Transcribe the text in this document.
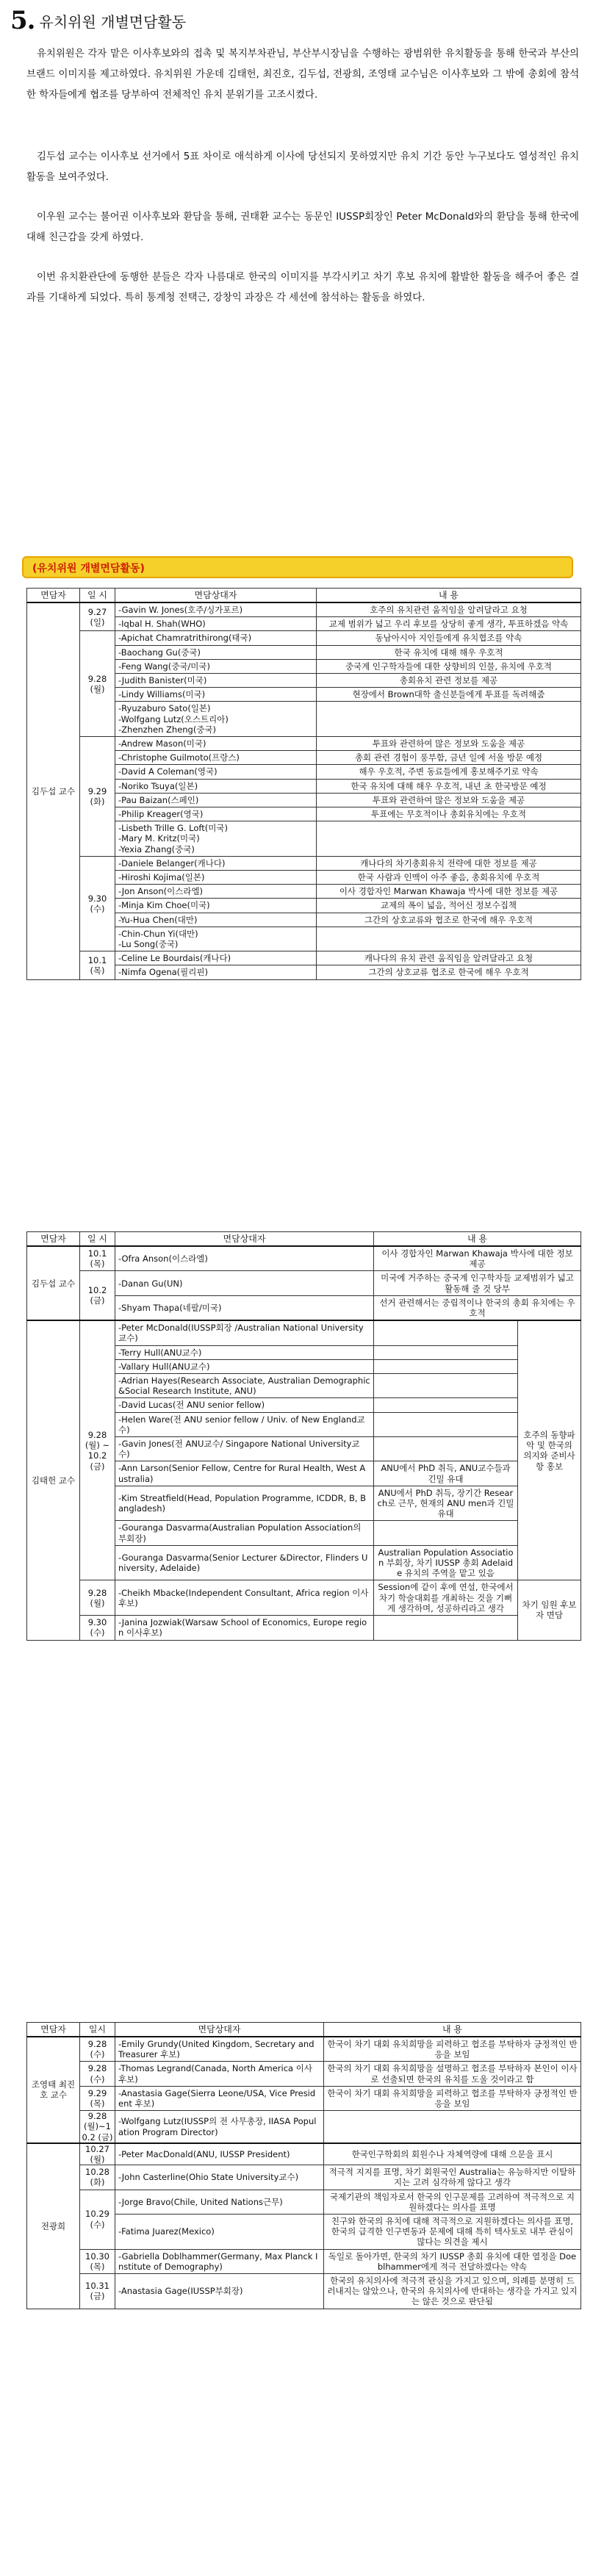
5. 유치위원 개별면담활동

유치위원은 각자 맡은 이사후보와의 접촉 및 복지부차관님, 부산부시장님을 수행하는 광범위한 유치활동을 통해 한국과 부산의 브랜드 이미지를 제고하였다. 유치위원 가운데 김태헌, 최진호, 김두섭, 전광희, 조영태 교수님은 이사후보와 그 밖에 총회에 참석한 학자들에게 협조를 당부하여 전체적인 유치 분위기를 고조시켰다.

김두섭 교수는 이사후보 선거에서 5표 차이로 애석하게 이사에 당선되지 못하였지만 유치 기간 동안 누구보다도 열성적인 유치활동을 보여주었다.

이우원 교수는 불어권 이사후보와 환담을 통해, 권태환 교수는 동문인 IUSSP회장인 Peter McDonald와의 환담을 통해 한국에 대해 친근감을 갖게 하였다.

이번 유치환관단에 동행한 분들은 각자 나름대로 한국의 이미지를 부각시키고 차기 후보 유치에 활발한 활동을 해주어 좋은 결과를 기대하게 되었다. 특히 통계청 전택근, 강창익 과장은 각 세션에 참석하는 활동을 하였다.

(유치위원 개별면담활동)
면담자	일 시	면담상대자	내 용
김두섭 교수	9.27 (일)	-Gavin W. Jones(호주/싱가포르)	호주의 유치관련 움직임을 알려달라고 요청
		-Iqbal H. Shah(WHO)	교제 범위가 넓고 우리 후보를 상당히 좋게 생각, 투표하겠음 약속
	9.28 (월)	-Apichat Chamratrithirong(태국)	동남아시아 지인들에게 유치협조를 약속
		-Baochang Gu(중국)	한국 유치에 대해 해우 우호적
		-Feng Wang(중국/미국)	중국계 인구학자들에 대한 상향비의 인물, 유치에 우호적
		-Judith Banister(미국)	총회유치 관련 정보를 제공
		-Lindy Williams(미국)	현장에서 Brown대학 출신분들에게 투표를 독려해줌
		-Ryuzaburo Sato(일본)
-Wolfgang Lutz(오스트리아)
-Zhenzhen Zheng(중국)	
	9.29 (화)	-Andrew Mason(미국)	투표와 관련하여 많은 정보와 도움을 제공
		-Christophe Guilmoto(프랑스)	총회 관련 경험이 풍부함, 금년 일에 서울 방문 예정
		-David A Coleman(영국)	해우 우호적, 주변 동료들에게 홍보해주기로 약속
		-Noriko Tsuya(일본)	한국 유치에 대해 해우 우호적, 내년 초 한국방문 예정
		-Pau Baizan(스페인)	투표와 관련하여 많은 정보와 도움을 제공
		-Philip Kreager(영국)	투표에는 무호적이나 총회유치에는 우호적
		-Lisbeth Trille G. Loft(미국)
-Mary M. Kritz(미국)
-Yexia Zhang(중국)	
	9.30 (수)	-Daniele Belanger(캐나다)	캐나다의 차기총회유치 전략에 대한 정보를 제공
		-Hiroshi Kojima(일본)	한국 사람과 인맥이 아주 좋음, 총회유치에 우호적
		-Jon Anson(이스라엘)	이사 경합자인 Marwan Khawaja 박사에 대한 정보를 제공
		-Minja Kim Choe(미국)	교제의 폭이 넓음, 적어신 정보수집책
		-Yu-Hua Chen(대만)	그간의 상호교류와 협조로 한국에 해우 우호적
		-Chin-Chun Yi(대만)
-Lu Song(중국)	
	10.1 (목)	-Celine Le Bourdais(캐나다)	캐나다의 유치 관련 움직임을 알려달라고 요청
		-Nimfa Ogena(필리핀)	그간의 상호교류 협조로 한국에 해우 우호적
면담자	일 시	면담상대자	내 용	
김두섭 교수	10.1 (목)	-Ofra Anson(이스라엘)	이사 경합자인 Marwan Khawaja 박사에 대한 정보 제공	
	10.2 (금)	-Danan Gu(UN)	미국에 거주하는 중국계 인구학자들 교제범위가 넓고 활동해 줄 것 당부	
		-Shyam Thapa(네팔/미국)	선거 관련해서는 중립적이나 한국의 총회 유치에는 우호적	
김태헌 교수	9.28 (월) ~ 10.2 (금)	-Peter McDonald(IUSSP회장 /Australian National University교수)		호주의 동향파악 및 한국의 의지와 준비사항 홍보
		-Terry Hull(ANU교수)		
		-Vallary Hull(ANU교수)		
		-Adrian Hayes(Research Associate, Australian Demographic&Social Research Institute, ANU)		
		-David Lucas(전 ANU senior fellow)		
		-Helen Ware(전 ANU senior fellow / Univ. of New England교수)		
		-Gavin Jones(전 ANU교수/ Singapore National University교수)		
		-Ann Larson(Senior Fellow, Centre for Rural Health, West Australia)	ANU에서 PhD 취득, ANU교수들과 긴밀 유대	
		-Kim Streatfield(Head, Population Programme, ICDDR, B, Bangladesh)	ANU에서 PhD 취득, 장기간 Research로 근무, 현재의 ANU men과 긴밀 유대	
		-Gouranga Dasvarma(Australian Population Association의 부회장)		
		-Gouranga Dasvarma(Senior Lecturer &Director, Flinders University, Adelaide)	Australian Population Association 부회장, 차기 IUSSP 총회 Adelaide 유치의 주역을 맡고 있음	
	9.28 (월)	-Cheikh Mbacke(Independent Consultant, Africa region 이사후보)	Session에 같이 후에 연설, 한국에서 차기 학술대회를 개최하는 것을 기뻐게 생각하며, 성공하리라고 생각	차기 임원 후보자 면담
	9.30 (수)	-Janina Jozwiak(Warsaw School of Economics, Europe region 이사후보)		
면담자	일시	면담상대자	내 용
조영태 최진호 교수	9.28 (수)	-Emily Grundy(United Kingdom, Secretary and Treasurer 후보)	한국이 차기 대회 유치희망을 피력하고 협조를 부탁하자 긍정적인 반응을 보임
	9.28 (수)	-Thomas Legrand(Canada, North America 이사후보)	한국의 차기 대회 유치희망을 설명하고 협조를 부탁하자 본인이 이사로 선출되면 한국의 유치를 도울 것이라고 함
	9.29 (목)	-Anastasia Gage(Sierra Leone/USA, Vice President 후보)	한국이 차기 대회 유치희망을 피력하고 협조를 부탁하자 긍정적인 반응을 보임
	9.28 (월)~1 0.2 (금)	-Wolfgang Lutz(IUSSP의 전 사무총장, IIASA Population Program Director)	
전광희	10.27 (월)	-Peter MacDonald(ANU, IUSSP President)	한국인구학회의 회원수나 자체역량에 대해 으문을 표시
	10.28 (화)	-John Casterline(Ohio State University교수)	적극적 지지를 표명, 차기 회원국인 Australia는 유능하지만 이탈하지는 고려 심각하게 않다고 생각
	10.29 (수)	-Jorge Bravo(Chile, United Nations근무)	국제기관의 책임자로서 한국의 인구문제를 고려하여 적극적으로 지원하겠다는 의사를 표명
		-Fatima Juarez(Mexico)	친구와 한국의 유치에 대해 적극적으로 지원하겠다는 의사를 표명, 한국의 급격한 인구변동과 문제에 대해 특히 텍사토로 내부 관심이 많다는 의견을 제시
	10.30 (목)	-Gabriella Doblhammer(Germany, Max Planck Institute of Demography)	독일로 돌아가면, 한국의 차기 IUSSP 총회 유치에 대한 열정을 Doeblhammer에게 적극 전달하겠다는 약속
	10.31 (금)	-Anastasia Gage(IUSSP부회장)	한국의 유치의사에 적극적 관심을 가지고 있으며, 의례를 분명히 드러내지는 않았으나, 한국의 유치의사에 반대하는 생각을 가지고 있지는 않은 것으로 판단됨
